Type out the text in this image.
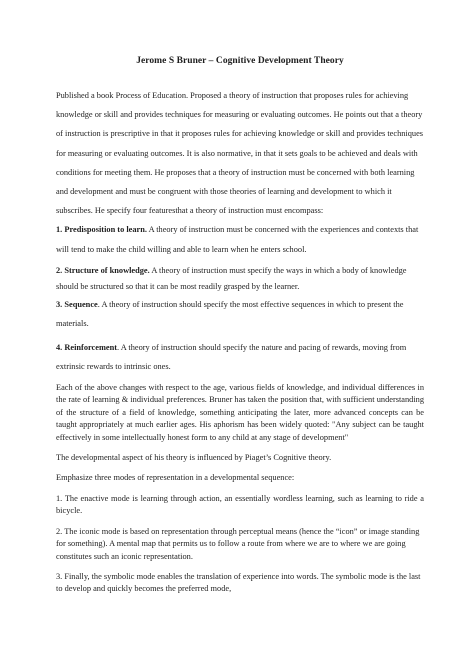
Jerome S Bruner – Cognitive Development Theory

Published a book Process of Education. Proposed a theory of instruction that proposes rules for achieving knowledge or skill and provides techniques for measuring or evaluating outcomes. He points out that a theory of instruction is prescriptive in that it proposes rules for achieving knowledge or skill and provides techniques for measuring or evaluating outcomes. It is also normative, in that it sets goals to be achieved and deals with conditions for meeting them. He proposes that a theory of instruction must be concerned with both learning and development and must be congruent with those theories of learning and development to which it subscribes. He specify four featuresthat a theory of instruction must encompass:

1. Predisposition to learn. A theory of instruction must be concerned with the experiences and contexts that will tend to make the child willing and able to learn when he enters school.

2. Structure of knowledge. A theory of instruction must specify the ways in which a body of knowledge should be structured so that it can be most readily grasped by the learner.

3. Sequence. A theory of instruction should specify the most effective sequences in which to present the materials.

4. Reinforcement. A theory of instruction should specify the nature and pacing of rewards, moving from extrinsic rewards to intrinsic ones.

Each of the above changes with respect to the age, various fields of knowledge, and individual differences in the rate of learning & individual preferences. Bruner has taken the position that, with sufficient understanding of the structure of a field of knowledge, something anticipating the later, more advanced concepts can be taught appropriately at much earlier ages. His aphorism has been widely quoted: "Any subject can be taught effectively in some intellectually honest form to any child at any stage of development"

The developmental aspect of his theory is influenced by Piaget’s Cognitive theory.

Emphasize three modes of representation in a developmental sequence:

1. The enactive mode is learning through action, an essentially wordless learning, such as learning to ride a bicycle.

2. The iconic mode is based on representation through perceptual means (hence the “icon” or image standing for something). A mental map that permits us to follow a route from where we are to where we are going constitutes such an iconic representation.

3. Finally, the symbolic mode enables the translation of experience into words. The symbolic mode is the last to develop and quickly becomes the preferred mode,
